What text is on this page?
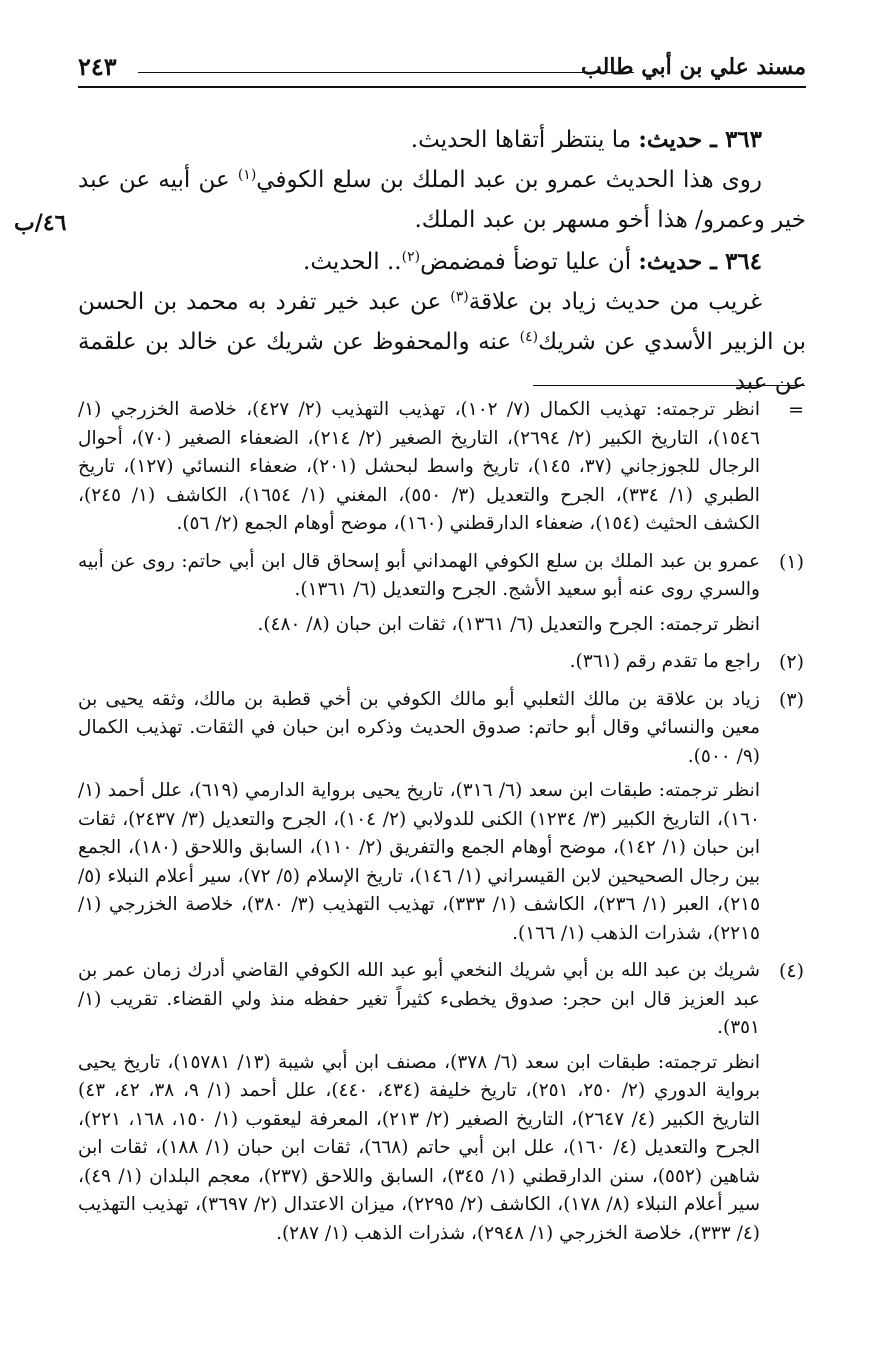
مسند علي بن أبي طالب
٢٤٣
٤٦/ب

٣٦٣ ـ حديث: ما ينتظر أتقاها الحديث.

روى هذا الحديث عمرو بن عبد الملك بن سلع الكوفي$^{(١)}$ عن أبيه عن عبد خير وعمرو/ هذا أخو مسهر بن عبد الملك.

٣٦٤ ـ حديث: أن عليا توضأ فمضمض$^{(٢)}$.. الحديث.

غريب من حديث زياد بن علاقة$^{(٣)}$ عن عبد خير تفرد به محمد بن الحسن بن الزبير الأسدي عن شريك$^{(٤)}$ عنه والمحفوظ عن شريك عن خالد بن علقمة عن عبد

=
انظر ترجمته: تهذيب الكمال (٧/ ١٠٢)، تهذيب التهذيب (٢/ ٤٢٧)، خلاصة الخزرجي (١/ ١٥٤٦)، التاريخ الكبير (٢/ ٢٦٩٤)، التاريخ الصغير (٢/ ٢١٤)، الضعفاء الصغير (٧٠)، أحوال الرجال للجوزجاني (٣٧، ١٤٥)، تاريخ واسط لبحشل (٢٠١)، ضعفاء النسائي (١٢٧)، تاريخ الطبري (١/ ٣٣٤)، الجرح والتعديل (٣/ ٥٥٠)، المغني (١/ ١٦٥٤)، الكاشف (١/ ٢٤٥)، الكشف الحثيث (١٥٤)، ضعفاء الدارقطني (١٦٠)، موضح أوهام الجمع (٢/ ٥٦).
(١)
عمرو بن عبد الملك بن سلع الكوفي الهمداني أبو إسحاق قال ابن أبي حاتم: روى عن أبيه والسري روى عنه أبو سعيد الأشج. الجرح والتعديل (٦/ ١٣٦١).
انظر ترجمته: الجرح والتعديل (٦/ ١٣٦١)، ثقات ابن حبان (٨/ ٤٨٠).
(٢)
راجع ما تقدم رقم (٣٦١).
(٣)
زياد بن علاقة بن مالك الثعلبي أبو مالك الكوفي بن أخي قطبة بن مالك، وثقه يحيى بن معين والنسائي وقال أبو حاتم: صدوق الحديث وذكره ابن حبان في الثقات. تهذيب الكمال (٩/ ٥٠٠).
انظر ترجمته: طبقات ابن سعد (٦/ ٣١٦)، تاريخ يحيى برواية الدارمي (٦١٩)، علل أحمد (١/ ١٦٠)، التاريخ الكبير (٣/ ١٢٣٤) الكنى للدولابي (٢/ ١٠٤)، الجرح والتعديل (٣/ ٢٤٣٧)، ثقات ابن حبان (١/ ١٤٢)، موضح أوهام الجمع والتفريق (٢/ ١١٠)، السابق واللاحق (١٨٠)، الجمع بين رجال الصحيحين لابن القيسراني (١/ ١٤٦)، تاريخ الإسلام (٥/ ٧٢)، سير أعلام النبلاء (٥/ ٢١٥)، العبر (١/ ٢٣٦)، الكاشف (١/ ٣٣٣)، تهذيب التهذيب (٣/ ٣٨٠)، خلاصة الخزرجي (١/ ٢٢١٥)، شذرات الذهب (١/ ١٦٦).
(٤)
شريك بن عبد الله بن أبي شريك النخعي أبو عبد الله الكوفي القاضي أدرك زمان عمر بن عبد العزيز قال ابن حجر: صدوق يخطىء كثيراً تغير حفظه منذ ولي القضاء. تقريب (١/ ٣٥١).
انظر ترجمته: طبقات ابن سعد (٦/ ٣٧٨)، مصنف ابن أبي شيبة (١٣/ ١٥٧٨١)، تاريخ يحيى برواية الدوري (٢/ ٢٥٠، ٢٥١)، تاريخ خليفة (٤٣٤، ٤٤٠)، علل أحمد (١/ ٩، ٣٨، ٤٢، ٤٣) التاريخ الكبير (٤/ ٢٦٤٧)، التاريخ الصغير (٢/ ٢١٣)، المعرفة ليعقوب (١/ ١٥٠، ١٦٨، ٢٢١)، الجرح والتعديل (٤/ ١٦٠)، علل ابن أبي حاتم (٦٦٨)، ثقات ابن حبان (١/ ١٨٨)، ثقات ابن شاهين (٥٥٢)، سنن الدارقطني (١/ ٣٤٥)، السابق واللاحق (٢٣٧)، معجم البلدان (١/ ٤٩)، سير أعلام النبلاء (٨/ ١٧٨)، الكاشف (٢/ ٢٢٩٥)، ميزان الاعتدال (٢/ ٣٦٩٧)، تهذيب التهذيب (٤/ ٣٣٣)، خلاصة الخزرجي (١/ ٢٩٤٨)، شذرات الذهب (١/ ٢٨٧).
